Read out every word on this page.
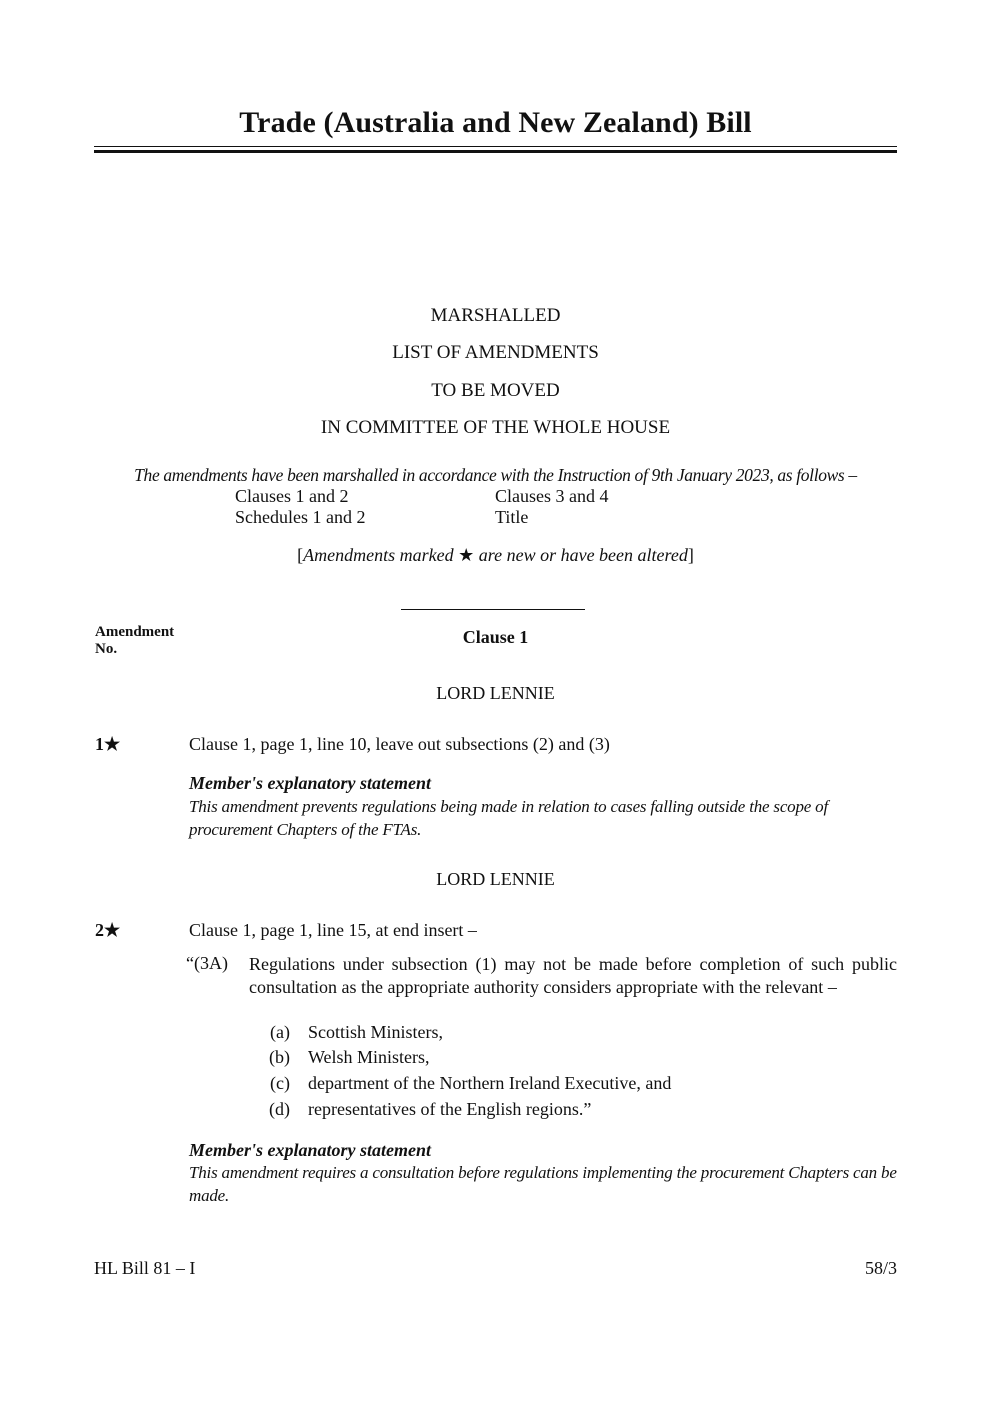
Trade (Australia and New Zealand) Bill
MARSHALLED
LIST OF AMENDMENTS
TO BE MOVED
IN COMMITTEE OF THE WHOLE HOUSE
The amendments have been marshalled in accordance with the Instruction of 9th January 2023, as follows –
Clauses 1 and 2	Clauses 3 and 4
Schedules 1 and 2	Title
[Amendments marked ★ are new or have been altered]
Amendment
No.
Clause 1
LORD LENNIE
1★	Clause 1, page 1, line 10, leave out subsections (2) and (3)
Member's explanatory statement
This amendment prevents regulations being made in relation to cases falling outside the scope of procurement Chapters of the FTAs.
LORD LENNIE
2★	Clause 1, page 1, line 15, at end insert –
“(3A) Regulations under subsection (1) may not be made before completion of such public consultation as the appropriate authority considers appropriate with the relevant –
(a) Scottish Ministers,
(b) Welsh Ministers,
(c) department of the Northern Ireland Executive, and
(d) representatives of the English regions.”
Member's explanatory statement
This amendment requires a consultation before regulations implementing the procurement Chapters can be made.
HL Bill 81 – I	58/3
